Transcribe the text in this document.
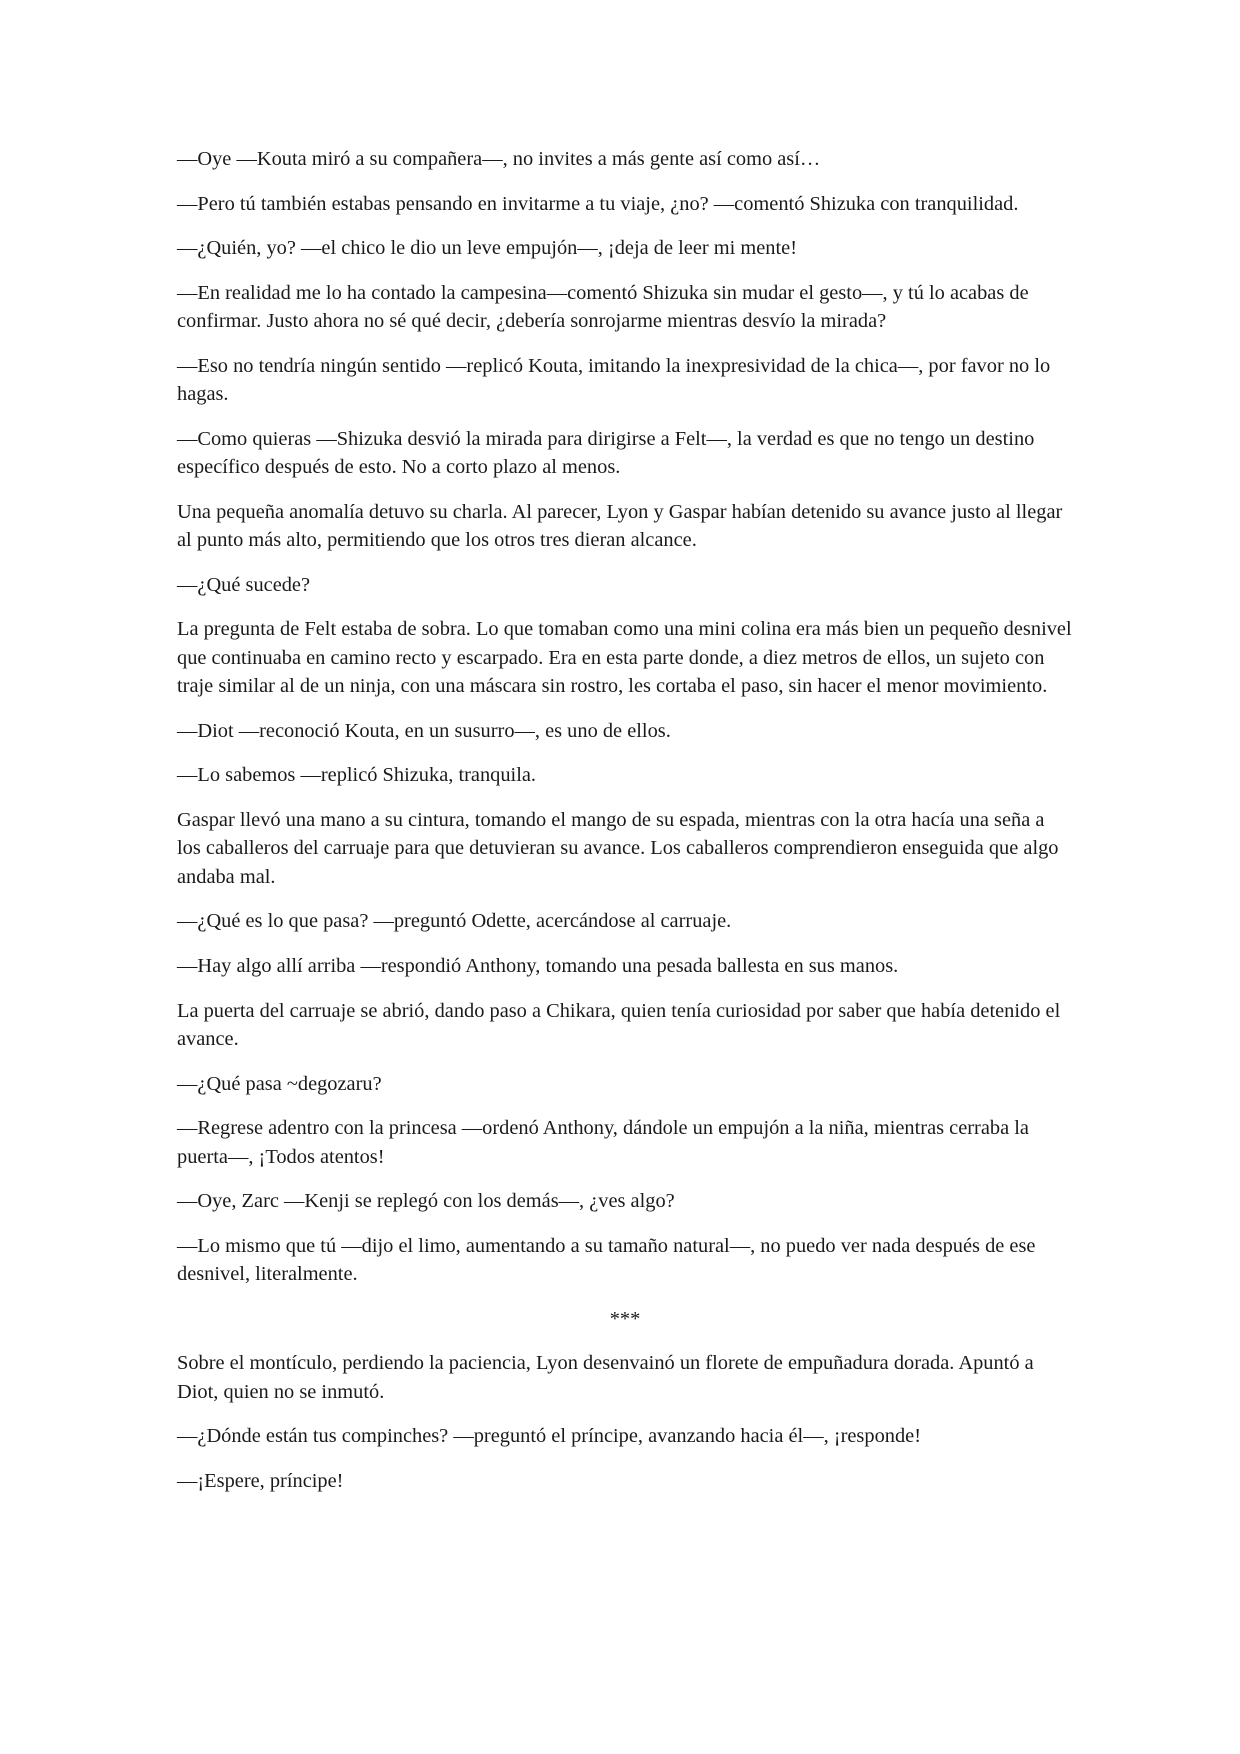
—Oye —Kouta miró a su compañera—, no invites a más gente así como así…

—Pero tú también estabas pensando en invitarme a tu viaje, ¿no? —comentó Shizuka con tranquilidad.

—¿Quién, yo? —el chico le dio un leve empujón—, ¡deja de leer mi mente!

—En realidad me lo ha contado la campesina—comentó Shizuka sin mudar el gesto—, y tú lo acabas de confirmar. Justo ahora no sé qué decir, ¿debería sonrojarme mientras desvío la mirada?

—Eso no tendría ningún sentido —replicó Kouta, imitando la inexpresividad de la chica—, por favor no lo hagas.

—Como quieras —Shizuka desvió la mirada para dirigirse a Felt—, la verdad es que no tengo un destino específico después de esto. No a corto plazo al menos.

Una pequeña anomalía detuvo su charla. Al parecer, Lyon y Gaspar habían detenido su avance justo al llegar al punto más alto, permitiendo que los otros tres dieran alcance.

—¿Qué sucede?

La pregunta de Felt estaba de sobra. Lo que tomaban como una mini colina era más bien un pequeño desnivel que continuaba en camino recto y escarpado. Era en esta parte donde, a diez metros de ellos, un sujeto con traje similar al de un ninja, con una máscara sin rostro, les cortaba el paso, sin hacer el menor movimiento.

—Diot —reconoció Kouta, en un susurro—, es uno de ellos.

—Lo sabemos —replicó Shizuka, tranquila.

Gaspar llevó una mano a su cintura, tomando el mango de su espada, mientras con la otra hacía una seña a los caballeros del carruaje para que detuvieran su avance. Los caballeros comprendieron enseguida que algo andaba mal.

—¿Qué es lo que pasa? —preguntó Odette, acercándose al carruaje.

—Hay algo allí arriba —respondió Anthony, tomando una pesada ballesta en sus manos.

La puerta del carruaje se abrió, dando paso a Chikara, quien tenía curiosidad por saber que había detenido el avance.

—¿Qué pasa ~degozaru?

—Regrese adentro con la princesa —ordenó Anthony, dándole un empujón a la niña, mientras cerraba la puerta—, ¡Todos atentos!

—Oye, Zarc —Kenji se replegó con los demás—, ¿ves algo?

—Lo mismo que tú —dijo el limo, aumentando a su tamaño natural—, no puedo ver nada después de ese desnivel, literalmente.

***

Sobre el montículo, perdiendo la paciencia, Lyon desenvainó un florete de empuñadura dorada. Apuntó a Diot, quien no se inmutó.

—¿Dónde están tus compinches? —preguntó el príncipe, avanzando hacia él—, ¡responde!

—¡Espere, príncipe!
